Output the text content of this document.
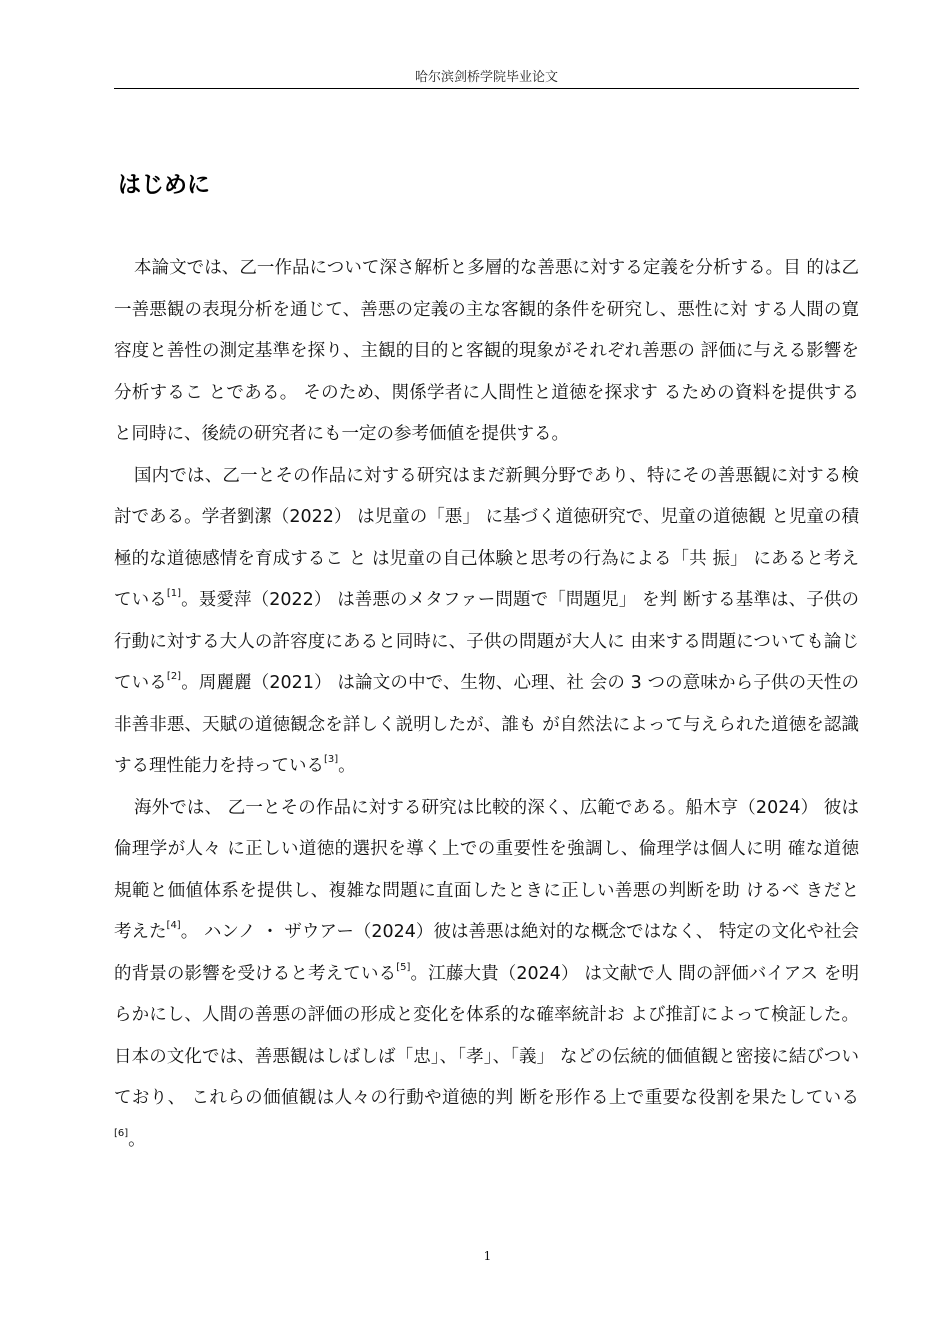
哈尔滨剑桥学院毕业论文
はじめに

本論文では、乙一作品について深さ解析と多層的な善悪に対する定義を分析する。目 的は乙一善悪観の表現分析を通じて、善悪の定義の主な客観的条件を研究し、悪性に対 する人間の寛容度と善性の測定基準を探り、主観的目的と客観的現象がそれぞれ善悪の 評価に与える影響を分析するこ とである。 そのため、関係学者に人間性と道徳を探求す るための資料を提供すると同時に、後続の研究者にも一定の参考価値を提供する。

国内では、乙一とその作品に対する研究はまだ新興分野であり、特にその善悪観に対する検討である。学者劉潔（2022） は児童の「悪」 に基づく道徳研究で、児童の道徳観 と児童の積極的な道徳感情を育成するこ と は児童の自己体験と思考の行為による「共 振」 にあると考えている[1]。聂愛萍（2022） は善悪のメタファー問題で「問題児」 を判 断する基準は、子供の行動に対する大人の許容度にあると同時に、子供の問題が大人に 由来する問題についても論じている[2]。周麗麗（2021） は論文の中で、生物、心理、社 会の 3 つの意味から子供の天性の非善非悪、天賦の道徳観念を詳しく説明したが、誰も が自然法によって与えられた道徳を認識する理性能力を持っている[3]。

海外では、 乙一とその作品に対する研究は比較的深く、広範である。船木亨（2024） 彼は倫理学が人々 に正しい道徳的選択を導く上での重要性を強調し、倫理学は個人に明 確な道徳規範と価値体系を提供し、複雑な問題に直面したときに正しい善悪の判断を助 けるべ きだと考えた[4]。 ハンノ ・ ザウアー（2024）彼は善悪は絶対的な概念ではなく、 特定の文化や社会的背景の影響を受けると考えている[5]。江藤大貴（2024） は文献で人 間の評価バイアス を明らかにし、人間の善悪の評価の形成と変化を体系的な確率統計お よび推訂によって検証した。 日本の文化では、善悪観はしばしば「忠」、「孝」、「義」 などの伝統的価値観と密接に結びついており、 これらの価値観は人々の行動や道徳的判 断を形作る上で重要な役割を果たしている[6]。

1
